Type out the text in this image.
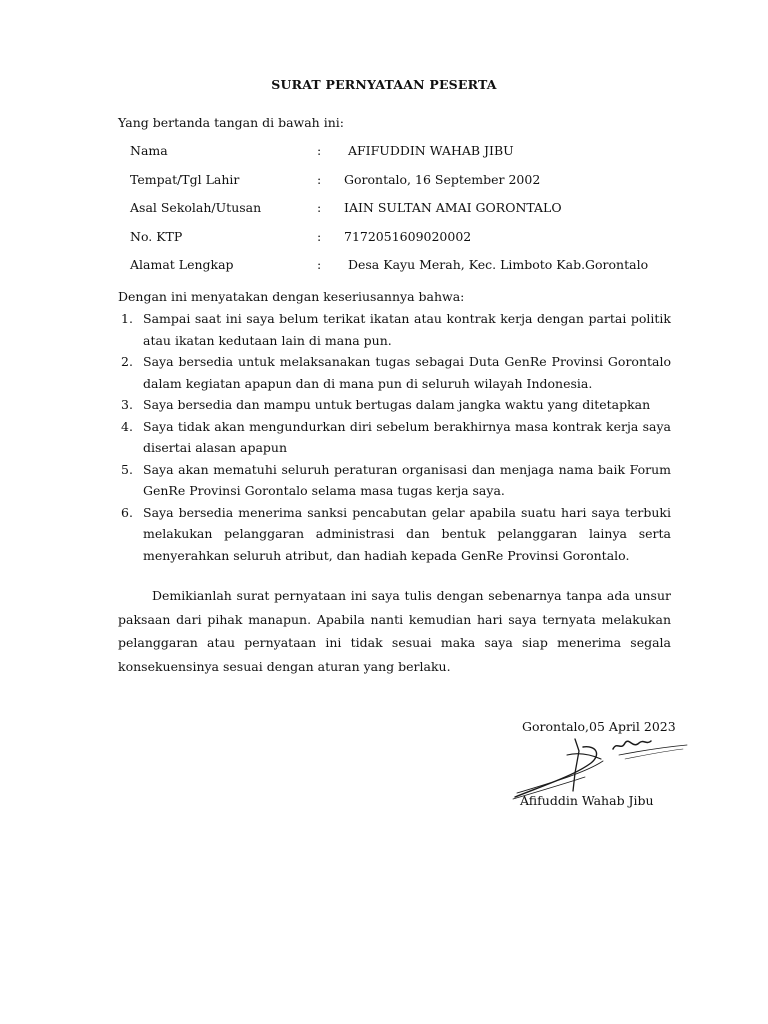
SURAT PERNYATAAN PESERTA
Yang bertanda tangan di bawah ini:
Nama	: AFIFUDDIN WAHAB JIBU
Tempat/Tgl Lahir	: Gorontalo, 16 September 2002
Asal Sekolah/Utusan	: IAIN SULTAN AMAI GORONTALO
No. KTP	: 7172051609020002
Alamat Lengkap	: Desa Kayu Merah, Kec. Limboto Kab.Gorontalo
Dengan ini menyatakan dengan keseriusannya bahwa:
1. Sampai saat ini saya belum terikat ikatan atau kontrak kerja dengan partai politik atau ikatan kedutaan lain di mana pun.
2. Saya bersedia untuk melaksanakan tugas sebagai Duta GenRe Provinsi Gorontalo dalam kegiatan apapun dan di mana pun di seluruh wilayah Indonesia.
3. Saya bersedia dan mampu untuk bertugas dalam jangka waktu yang ditetapkan
4. Saya tidak akan mengundurkan diri sebelum berakhirnya masa kontrak kerja saya disertai alasan apapun
5. Saya akan mematuhi seluruh peraturan organisasi dan menjaga nama baik Forum GenRe Provinsi Gorontalo selama masa tugas kerja saya.
6. Saya bersedia menerima sanksi pencabutan gelar apabila suatu hari saya terbuki melakukan pelanggaran administrasi dan bentuk pelanggaran lainya serta menyerahkan seluruh atribut, dan hadiah kepada GenRe Provinsi Gorontalo.
Demikianlah surat pernyataan ini saya tulis dengan sebenarnya tanpa ada unsur paksaan dari pihak manapun. Apabila nanti kemudian hari saya ternyata melakukan pelanggaran atau pernyataan ini tidak sesuai maka saya siap menerima segala konsekuensinya sesuai dengan aturan yang berlaku.
Gorontalo,05 April 2023
Afifuddin Wahab Jibu
